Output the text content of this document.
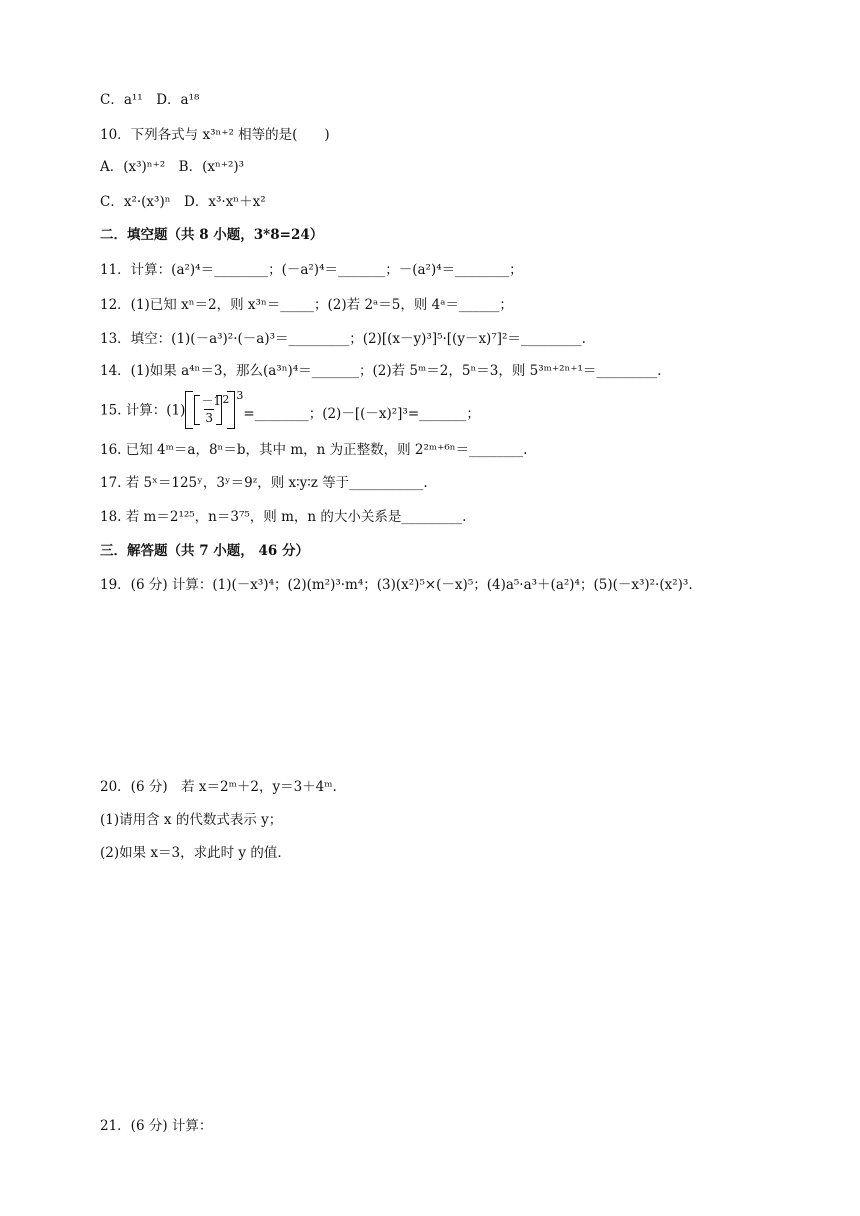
C．a¹¹　D．a¹⁸
10．下列各式与 x³ⁿ⁺² 相等的是(　　)
A．(x³)ⁿ⁺²　B．(xⁿ⁺²)³
C．x²·(x³)ⁿ　D．x³·xⁿ＋x²
二．填空题（共 8 小题，3*8=24）
11．计算：(a²)⁴＝________；(－a²)⁴＝_______；－(a²)⁴＝________；
12．(1)已知 xⁿ＝2，则 x³ⁿ＝_____；(2)若 2ᵃ＝5，则 4ᵃ＝______；
13．填空：(1)(－a³)²·(－a)³＝_________；(2)[(x－y)³]⁵·[(y－x)⁷]²＝_________.
14．(1)如果 a⁴ⁿ＝3，那么(a³ⁿ)⁴＝_______；(2)若 5ᵐ＝2，5ⁿ＝3，则 5³ᵐ⁺²ⁿ⁺¹＝_________.
15. 计算：(1)
－1
3
2 3
=________；(2)－[(－x)²]³=_______；
16. 已知 4ᵐ＝a，8ⁿ＝b，其中 m，n 为正整数，则 2²ᵐ⁺⁶ⁿ＝________.
17. 若 5ˣ＝125ʸ，3ʸ＝9ᶻ，则 x∶y∶z 等于___________.
18. 若 m＝2¹²⁵，n＝3⁷⁵，则 m，n 的大小关系是_________.
三．解答题（共 7 小题， 46 分）
19．(6 分) 计算：(1)(－x³)⁴；(2)(m²)³·m⁴；(3)(x²)⁵×(－x)⁵；(4)a⁵·a³＋(a²)⁴；(5)(－x³)²·(x²)³.
20．(6 分)　若 x＝2ᵐ＋2，y＝3＋4ᵐ.
(1)请用含 x 的代数式表示 y；
(2)如果 x＝3，求此时 y 的值．
21．(6 分) 计算：
